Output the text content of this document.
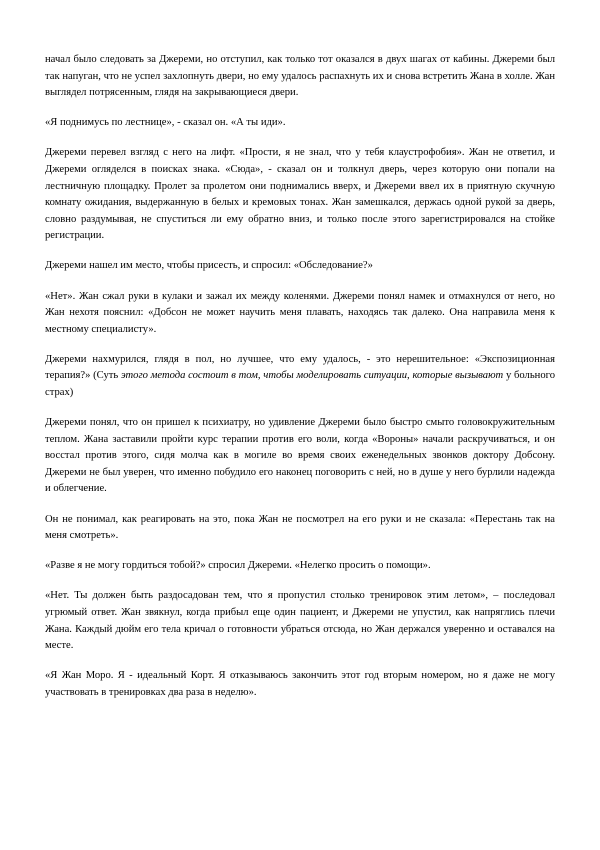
начал было следовать за Джереми, но отступил, как только тот оказался в двух шагах от кабины. Джереми был так напуган, что не успел захлопнуть двери, но ему удалось распахнуть их и снова встретить Жана в холле. Жан выглядел потрясенным, глядя на закрывающиеся двери.

«Я поднимусь по лестнице», - сказал он. «А ты иди».

Джереми перевел взгляд с него на лифт. «Прости, я не знал, что у тебя клаустрофобия». Жан не ответил, и Джереми огляделся в поисках знака. «Сюда», - сказал он и толкнул дверь, через которую они попали на лестничную площадку. Пролет за пролетом они поднимались вверх, и Джереми ввел их в приятную скучную комнату ожидания, выдержанную в белых и кремовых тонах. Жан замешкался, держась одной рукой за дверь, словно раздумывая, не спуститься ли ему обратно вниз, и только после этого зарегистрировался на стойке регистрации.

Джереми нашел им место, чтобы присесть, и спросил: «Обследование?»

«Нет». Жан сжал руки в кулаки и зажал их между коленями. Джереми понял намек и отмахнулся от него, но Жан нехотя пояснил: «Добсон не может научить меня плавать, находясь так далеко. Она направила меня к местному специалисту».

Джереми нахмурился, глядя в пол, но лучшее, что ему удалось, - это нерешительное: «Экспозиционная терапия?» (Суть этого метода состоит в том, чтобы моделировать ситуации, которые вызывают у больного страх)

Джереми понял, что он пришел к психиатру, но удивление Джереми было быстро смыто головокружительным теплом. Жана заставили пройти курс терапии против его воли, когда «Вороны» начали раскручиваться, и он восстал против этого, сидя молча как в могиле во время своих еженедельных звонков доктору Добсону. Джереми не был уверен, что именно побудило его наконец поговорить с ней, но в душе у него бурлили надежда и облегчение.

Он не понимал, как реагировать на это, пока Жан не посмотрел на его руки и не сказала: «Перестань так на меня смотреть».

«Разве я не могу гордиться тобой?» спросил Джереми. «Нелегко просить о помощи».

«Нет. Ты должен быть раздосадован тем, что я пропустил столько тренировок этим летом», – последовал угрюмый ответ. Жан звякнул, когда прибыл еще один пациент, и Джереми не упустил, как напряглись плечи Жана. Каждый дюйм его тела кричал о готовности убраться отсюда, но Жан держался уверенно и оставался на месте.

«Я Жан Моро. Я - идеальный Корт. Я отказываюсь закончить этот год вторым номером, но я даже не могу участвовать в тренировках два раза в неделю».
